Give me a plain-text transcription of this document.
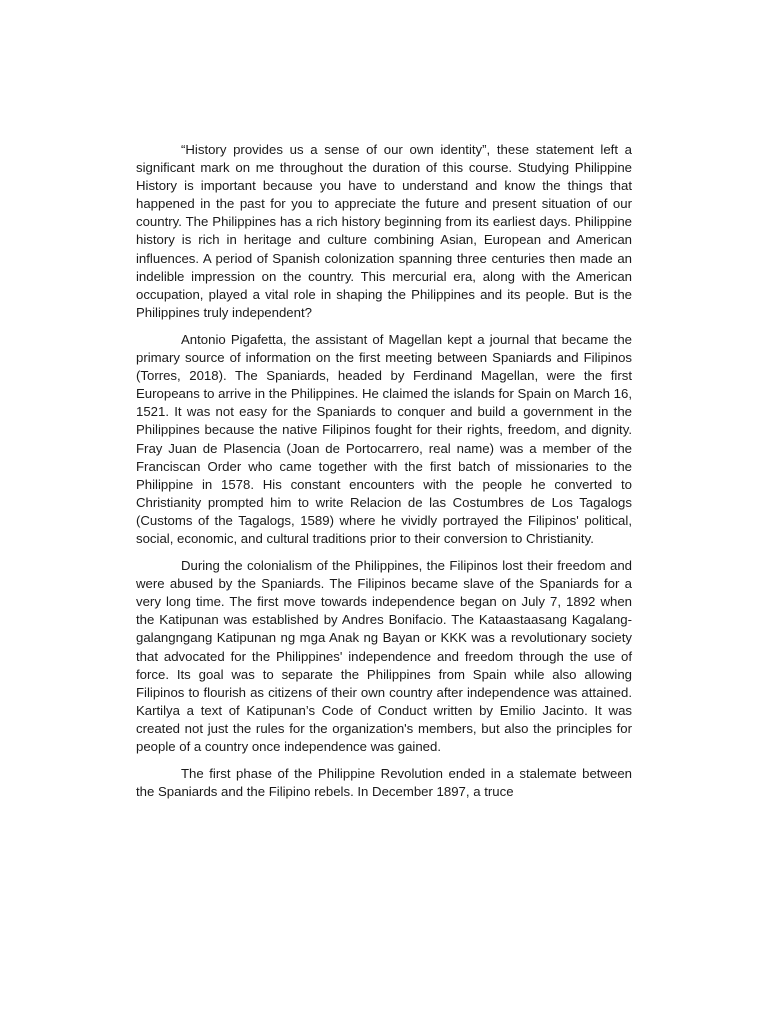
“History provides us a sense of our own identity”, these statement left a significant mark on me throughout the duration of this course. Studying Philippine History is important because you have to understand and know the things that happened in the past for you to appreciate the future and present situation of our country. The Philippines has a rich history beginning from its earliest days. Philippine history is rich in heritage and culture combining Asian, European and American influences. A period of Spanish colonization spanning three centuries then made an indelible impression on the country. This mercurial era, along with the American occupation, played a vital role in shaping the Philippines and its people. But is the Philippines truly independent?

Antonio Pigafetta, the assistant of Magellan kept a journal that became the primary source of information on the first meeting between Spaniards and Filipinos (Torres, 2018). The Spaniards, headed by Ferdinand Magellan, were the first Europeans to arrive in the Philippines. He claimed the islands for Spain on March 16, 1521. It was not easy for the Spaniards to conquer and build a government in the Philippines because the native Filipinos fought for their rights, freedom, and dignity. Fray Juan de Plasencia (Joan de Portocarrero, real name) was a member of the Franciscan Order who came together with the first batch of missionaries to the Philippine in 1578. His constant encounters with the people he converted to Christianity prompted him to write Relacion de las Costumbres de Los Tagalogs (Customs of the Tagalogs, 1589) where he vividly portrayed the Filipinos' political, social, economic, and cultural traditions prior to their conversion to Christianity.

During the colonialism of the Philippines, the Filipinos lost their freedom and were abused by the Spaniards. The Filipinos became slave of the Spaniards for a very long time. The first move towards independence began on July 7, 1892 when the Katipunan was established by Andres Bonifacio. The Kataastaasang Kagalang-galangngang Katipunan ng mga Anak ng Bayan or KKK was a revolutionary society that advocated for the Philippines' independence and freedom through the use of force. Its goal was to separate the Philippines from Spain while also allowing Filipinos to flourish as citizens of their own country after independence was attained. Kartilya a text of Katipunan’s Code of Conduct written by Emilio Jacinto. It was created not just the rules for the organization's members, but also the principles for people of a country once independence was gained.

The first phase of the Philippine Revolution ended in a stalemate between the Spaniards and the Filipino rebels. In December 1897, a truce
